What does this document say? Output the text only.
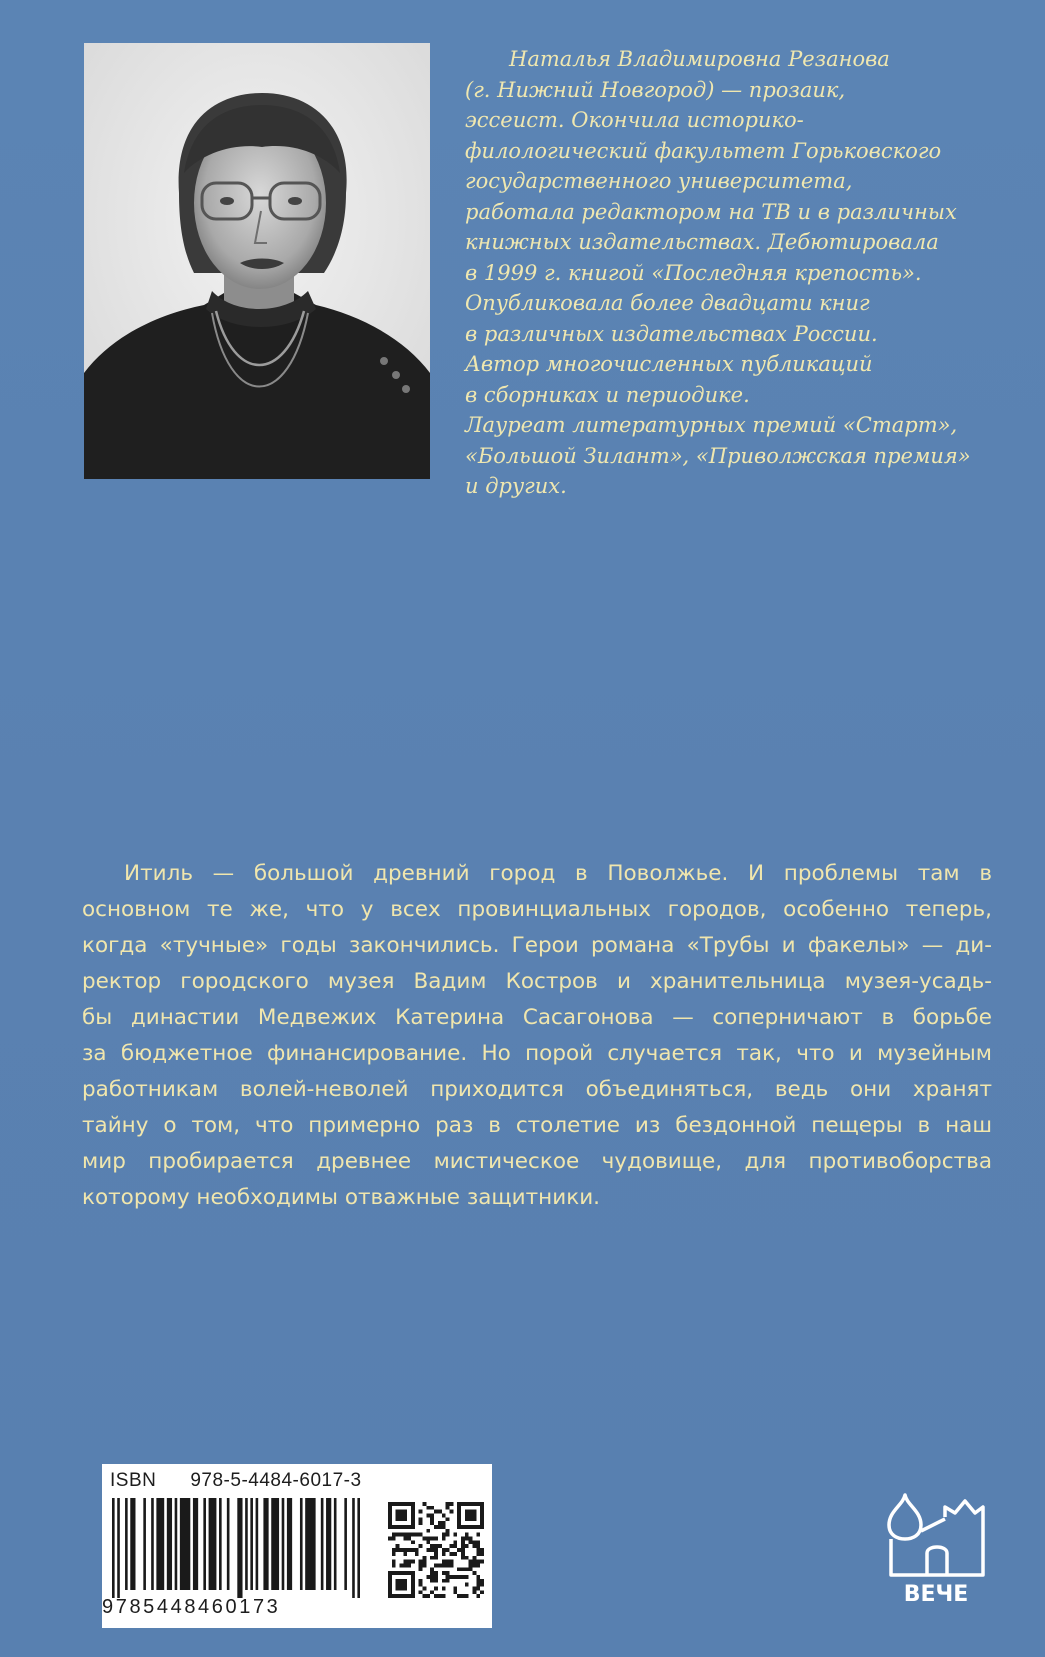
Наталья Владимировна Резанова
(г. Нижний Новгород) — прозаик,
эссеист. Окончила историко-
филологический факультет Горьковского
государственного университета,
работала редактором на ТВ и в различных
книжных издательствах. Дебютировала
в 1999 г. книгой «Последняя крепость».
Опубликовала более двадцати книг
в различных издательствах России.
Автор многочисленных публикаций
в сборниках и периодике.
Лауреат литературных премий «Старт»,
«Большой Зилант», «Приволжская премия»
и других.
Итиль — большой древний город в Поволжье. И проблемы там в
основном те же, что у всех провинциальных городов, особенно теперь,
когда «тучные» годы закончились. Герои романа «Трубы и факелы» — ди-
ректор городского музея Вадим Костров и хранительница музея-усадь-
бы династии Медвежих Катерина Сасагонова — соперничают в борьбе
за бюджетное финансирование. Но порой случается так, что и музейным
работникам волей-неволей приходится объединяться, ведь они хранят
тайну о том, что примерно раз в столетие из бездонной пещеры в наш
мир пробирается древнее мистическое чудовище, для противоборства
которому необходимы отважные защитники.
ISBN 978-5-4484-6017-3
9785448460173	ВЕЧЕ
